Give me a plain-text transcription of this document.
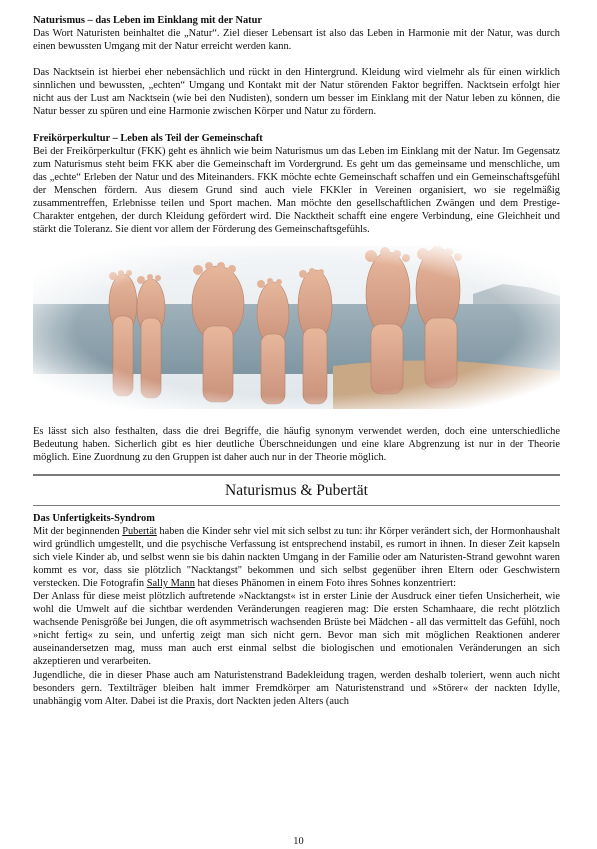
Naturismus – das Leben im Einklang mit der Natur

Das Wort Naturisten beinhaltet die „Natur“. Ziel dieser Lebensart ist also das Leben in Harmonie mit der Natur, was durch einen bewussten Umgang mit der Natur erreicht werden kann.

Das Nacktsein ist hierbei eher nebensächlich und rückt in den Hintergrund. Kleidung wird vielmehr als für einen wirklich sinnlichen und bewussten, „echten“ Umgang und Kontakt mit der Natur störenden Faktor begriffen. Nacktsein erfolgt hier nicht aus der Lust am Nacktsein (wie bei den Nudisten), sondern um besser im Einklang mit der Natur leben zu können, die Natur besser zu spüren und eine Harmonie zwischen Körper und Natur zu fördern.

Freikörperkultur – Leben als Teil der Gemeinschaft

Bei der Freikörperkultur (FKK) geht es ähnlich wie beim Naturismus um das Leben im Einklang mit der Natur. Im Gegensatz zum Naturismus steht beim FKK aber die Gemeinschaft im Vordergrund. Es geht um das gemeinsame und menschliche, um das „echte“ Erleben der Natur und des Miteinanders. FKK möchte echte Gemeinschaft schaffen und ein Gemeinschaftsgefühl der Menschen fördern. Aus diesem Grund sind auch viele FKKler in Vereinen organisiert, wo sie regelmäßig zusammentreffen, Erlebnisse teilen und Sport machen. Man möchte den gesellschaftlichen Zwängen und dem Prestige-Charakter entgehen, der durch Kleidung gefördert wird. Die Nacktheit schafft eine engere Verbindung, eine Gleichheit und stärkt die Toleranz. Sie dient vor allem der Förderung des Gemeinschaftsgefühls.

Es lässt sich also festhalten, dass die drei Begriffe, die häufig synonym verwendet werden, doch eine unterschiedliche Bedeutung haben. Sicherlich gibt es hier deutliche Überschneidungen und eine klare Abgrenzung ist nur in der Theorie möglich. Eine Zuordnung zu den Gruppen ist daher auch nur in der Theorie möglich.

Naturismus & Pubertät

Das Unfertigkeits-Syndrom

Mit der beginnenden Pubertät haben die Kinder sehr viel mit sich selbst zu tun: ihr Körper verändert sich, der Hormonhaushalt wird gründlich umgestellt, und die psychische Verfassung ist entsprechend instabil, es rumort in ihnen. In dieser Zeit kapseln sich viele Kinder ab, und selbst wenn sie bis dahin nackten Umgang in der Familie oder am Naturisten-Strand gewohnt waren kommt es vor, dass sie plötzlich "Nacktangst" bekommen und sich selbst gegenüber ihren Eltern oder Geschwistern verstecken. Die Fotografin Sally Mann hat dieses Phänomen in einem Foto ihres Sohnes konzentriert:

Der Anlass für diese meist plötzlich auftretende »Nacktangst« ist in erster Linie der Ausdruck einer tiefen Unsicherheit, wie wohl die Umwelt auf die sichtbar werdenden Veränderungen reagieren mag: Die ersten Schamhaare, die recht plötzlich wachsende Penisgröße bei Jungen, die oft asymmetrisch wachsenden Brüste bei Mädchen - all das vermittelt das Gefühl, noch »nicht fertig« zu sein, und unfertig zeigt man sich nicht gern. Bevor man sich mit möglichen Reaktionen anderer auseinandersetzen mag, muss man auch erst einmal selbst die biologischen und emotionalen Veränderungen an sich akzeptieren und verarbeiten.

Jugendliche, die in dieser Phase auch am Naturistenstrand Badekleidung tragen, werden deshalb toleriert, wenn auch nicht besonders gern. Textilträger bleiben halt immer Fremdkörper am Naturistenstrand und »Störer« der nackten Idylle, unabhängig vom Alter. Dabei ist die Praxis, dort Nackten jeden Alters (auch

10
